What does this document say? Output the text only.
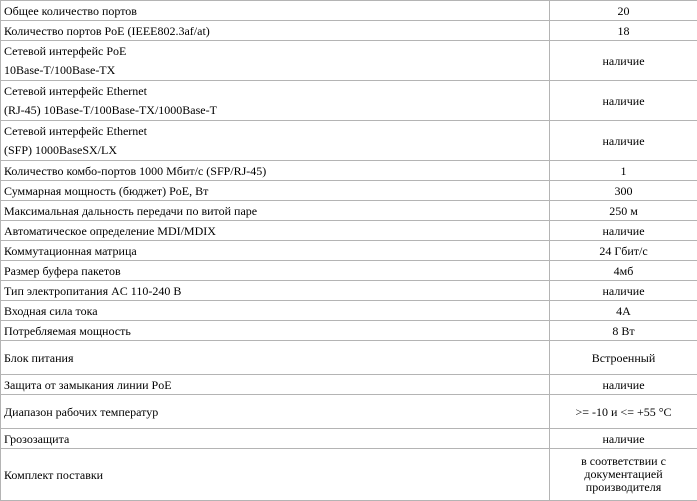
Общее количество портов	20
Количество портов PoE (IEEE802.3af/at)	18

Сетевой интерфейс PoE
10Base-T/100Base-TX	наличие

Сетевой интерфейс Ethernet
(RJ-45) 10Base-T/100Base-TX/1000Base-T	наличие

Сетевой интерфейс Ethernet
(SFP) 1000BaseSX/LX	наличие
Количество комбо-портов 1000 Мбит/с (SFP/RJ-45)	1
Суммарная мощность (бюджет) PoE, Вт	300
Максимальная дальность передачи по витой паре	250 м
Автоматическое определение MDI/MDIX	наличие
Коммутационная матрица	24 Гбит/с
Размер буфера пакетов	4мб
Тип электропитания AC 110-240 В	наличие
Входная сила тока	4А
Потребляемая мощность	8 Вт
Блок питания	Встроенный
Защита от замыкания линии PoE	наличие
Диапазон рабочих температур	>= -10 и <= +55 °С
Грозозащита	наличие
Комплект поставки	в соответствии с документацией производителя
